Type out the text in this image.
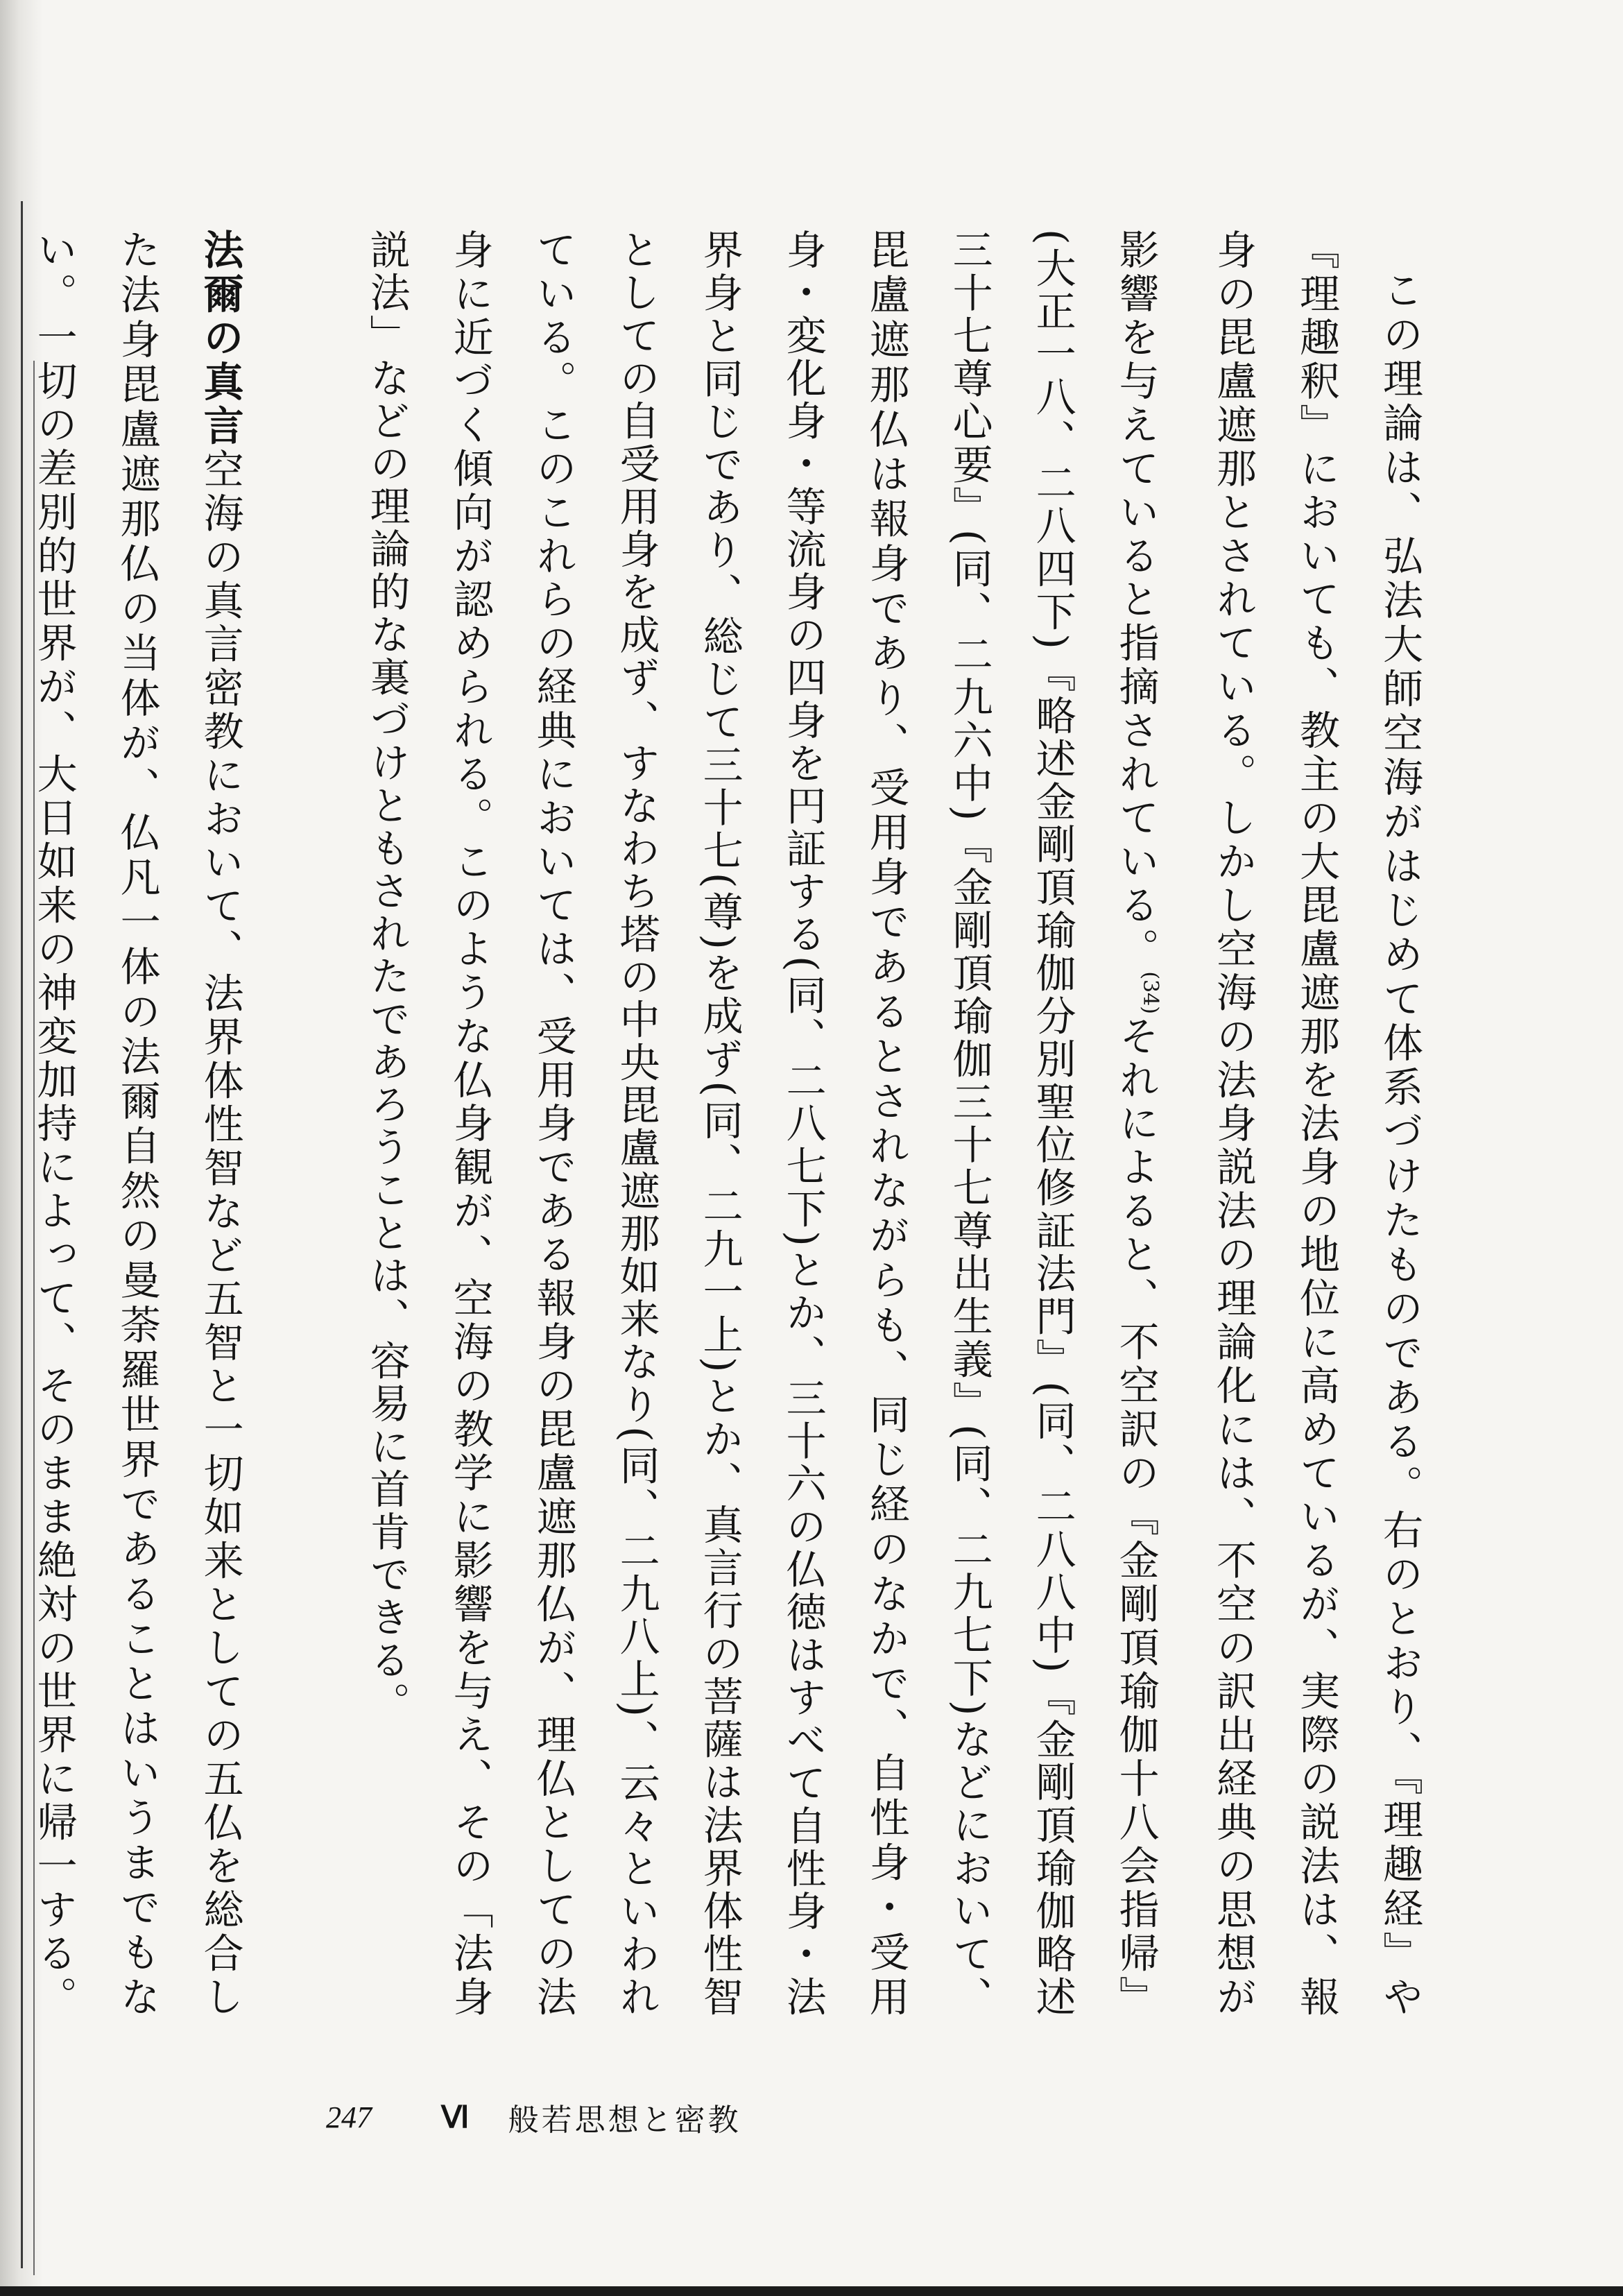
この理論は、弘法大師空海がはじめて体系づけたものである。右のとおり、『理趣経』や『理趣釈』においても、教主の大毘盧遮那を法身の地位に高めているが、実際の説法は、報身の毘盧遮那とされている。しかし空海の法身説法の理論化には、不空の訳出経典の思想が影響を与えていると指摘されている。$^{(34)}$それによると、不空訳の『金剛頂瑜伽十八会指帰』(大正一八、二八四下)『略述金剛頂瑜伽分別聖位修証法門』(同、二八八中)『金剛頂瑜伽略述三十七尊心要』(同、二九六中)『金剛頂瑜伽三十七尊出生義』(同、二九七下)などにおいて、毘盧遮那仏は報身であり、受用身であるとされながらも、同じ経のなかで、自性身・受用身・変化身・等流身の四身を円証する(同、二八七下)とか、三十六の仏徳はすべて自性身・法界身と同じであり、総じて三十七(尊)を成ず(同、二九一上)とか、真言行の菩薩は法界体性智としての自受用身を成ず、すなわち塔の中央毘盧遮那如来なり(同、二九八上)、云々といわれている。このこれらの経典においては、受用身である報身の毘盧遮那仏が、理仏としての法身に近づく傾向が認められる。このような仏身観が、空海の教学に影響を与え、その「法身説法」などの理論的な裏づけともされたであろうことは、容易に首肯できる。

法爾の真言空海の真言密教において、法界体性智など五智と一切如来としての五仏を総合した法身毘盧遮那仏の当体が、仏凡一体の法爾自然の曼荼羅世界であることはいうまでもない。一切の差別的世界が、大日如来の神変加持によって、そのまま絶対の世界に帰一する。

247 Ⅵ 般若思想と密教
